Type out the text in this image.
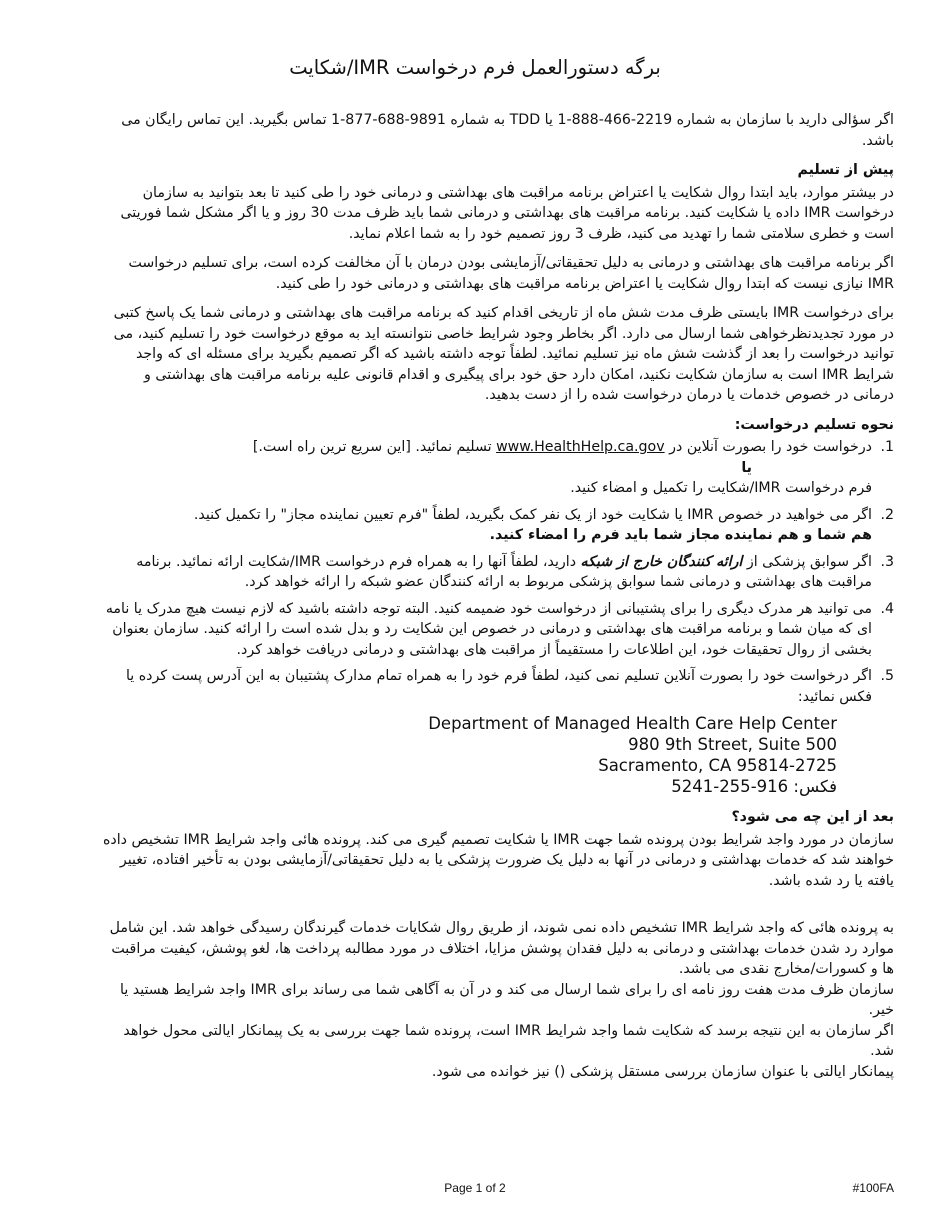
برگه دستورالعمل فرم درخواست IMR/شکایت

اگر سؤالی دارید با سازمان به شماره 2219-466-888-1 یا TDD به شماره 9891-688-877-1 تماس بگیرید. این تماس رایگان می باشد.

پیش از تسلیم

در بیشتر موارد، باید ابتدا روال شکایت یا اعتراض برنامه مراقبت های بهداشتی و درمانی خود را طی کنید تا بعد بتوانید به سازمان درخواست IMR داده یا شکایت کنید. برنامه مراقبت های بهداشتی و درمانی شما باید ظرف مدت 30 روز و یا اگر مشکل شما فوریتی است و خطری سلامتی شما را تهدید می کنید، ظرف 3 روز تصمیم خود را به شما اعلام نماید.

اگر برنامه مراقبت های بهداشتی و درمانی به دلیل تحقیقاتی/آزمایشی بودن درمان با آن مخالفت کرده است، برای تسلیم درخواست IMR نیازی نیست که ابتدا روال شکایت یا اعتراض برنامه مراقبت های بهداشتی و درمانی خود را طی کنید.

برای درخواست IMR بایستی ظرف مدت شش ماه از تاریخی اقدام کنید که برنامه مراقبت های بهداشتی و درمانی شما یک پاسخ کتبی در مورد تجدیدنظرخواهی شما ارسال می دارد. اگر بخاطر وجود شرایط خاصی نتوانسته اید به موقع درخواست خود را تسلیم کنید، می توانید درخواست را بعد از گذشت شش ماه نیز تسلیم نمائید. لطفاً توجه داشته باشید که اگر تصمیم بگیرید برای مسئله ای که واجد شرایط IMR است به سازمان شکایت نکنید، امکان دارد حق خود برای پیگیری و اقدام قانونی علیه برنامه مراقبت های بهداشتی و درمانی در خصوص خدمات یا درمان درخواست شده را از دست بدهید.

نحوه تسلیم درخواست:
1.
درخواست خود را بصورت آنلاین در www.HealthHelp.ca.gov تسلیم نمائید. [این سریع ترین راه است.]
یا
فرم درخواست IMR/شکایت را تکمیل و امضاء کنید.
2.
اگر می خواهید در خصوص IMR یا شکایت خود از یک نفر کمک بگیرید، لطفاً "فرم تعیین نماینده مجاز" را تکمیل کنید.
هم شما و هم نماینده مجاز شما باید فرم را امضاء کنید.
3.
اگر سوابق پزشکی از ارائه کنندگان خارج از شبکه دارید، لطفاً آنها را به همراه فرم درخواست IMR/شکایت ارائه نمائید. برنامه مراقبت های بهداشتی و درمانی شما سوابق پزشکی مربوط به ارائه کنندگان عضو شبکه را ارائه خواهد کرد.
4.
می توانید هر مدرک دیگری را برای پشتیبانی از درخواست خود ضمیمه کنید. البته توجه داشته باشید که لازم نیست هیچ مدرک یا نامه ای که میان شما و برنامه مراقبت های بهداشتی و درمانی در خصوص این شکایت رد و بدل شده است را ارائه کنید. سازمان بعنوان بخشی از روال تحقیقات خود، این اطلاعات را مستقیماً از مراقبت های بهداشتی و درمانی دریافت خواهد کرد.
5.
اگر درخواست خود را بصورت آنلاین تسلیم نمی کنید، لطفاً فرم خود را به همراه تمام مدارک پشتیبان به این آدرس پست کرده یا فکس نمائید:
Department of Managed Health Care Help Center
980 9th Street, Suite 500
Sacramento, CA 95814-2725
فکس: 916-255-5241
بعد از این چه می شود؟

سازمان در مورد واجد شرایط بودن پرونده شما جهت IMR یا شکایت تصمیم گیری می کند. پرونده هائی واجد شرایط IMR تشخیص داده خواهند شد که خدمات بهداشتی و درمانی در آنها به دلیل یک ضرورت پزشکی یا به دلیل تحقیقاتی/آزمایشی بودن به تأخیر افتاده، تغییر یافته یا رد شده باشد.

به پرونده هائی که واجد شرایط IMR تشخیص داده نمی شوند، از طریق روال شکایات خدمات گیرندگان رسیدگی خواهد شد. این شامل موارد رد شدن خدمات بهداشتی و درمانی به دلیل فقدان پوشش مزایا، اختلاف در مورد مطالبه پرداخت ها، لغو پوشش، کیفیت مراقبت ها و کسورات/مخارج نقدی می باشد.
سازمان ظرف مدت هفت روز نامه ای را برای شما ارسال می کند و در آن به آگاهی شما می رساند برای IMR واجد شرایط هستید یا خیر.
اگر سازمان به این نتیجه برسد که شکایت شما واجد شرایط IMR است، پرونده شما جهت بررسی به یک پیمانکار ایالتی محول خواهد شد.
پیمانکار ایالتی با عنوان سازمان بررسی مستقل پزشکی () نیز خوانده می شود.
Page 1 of 2	#100FA
